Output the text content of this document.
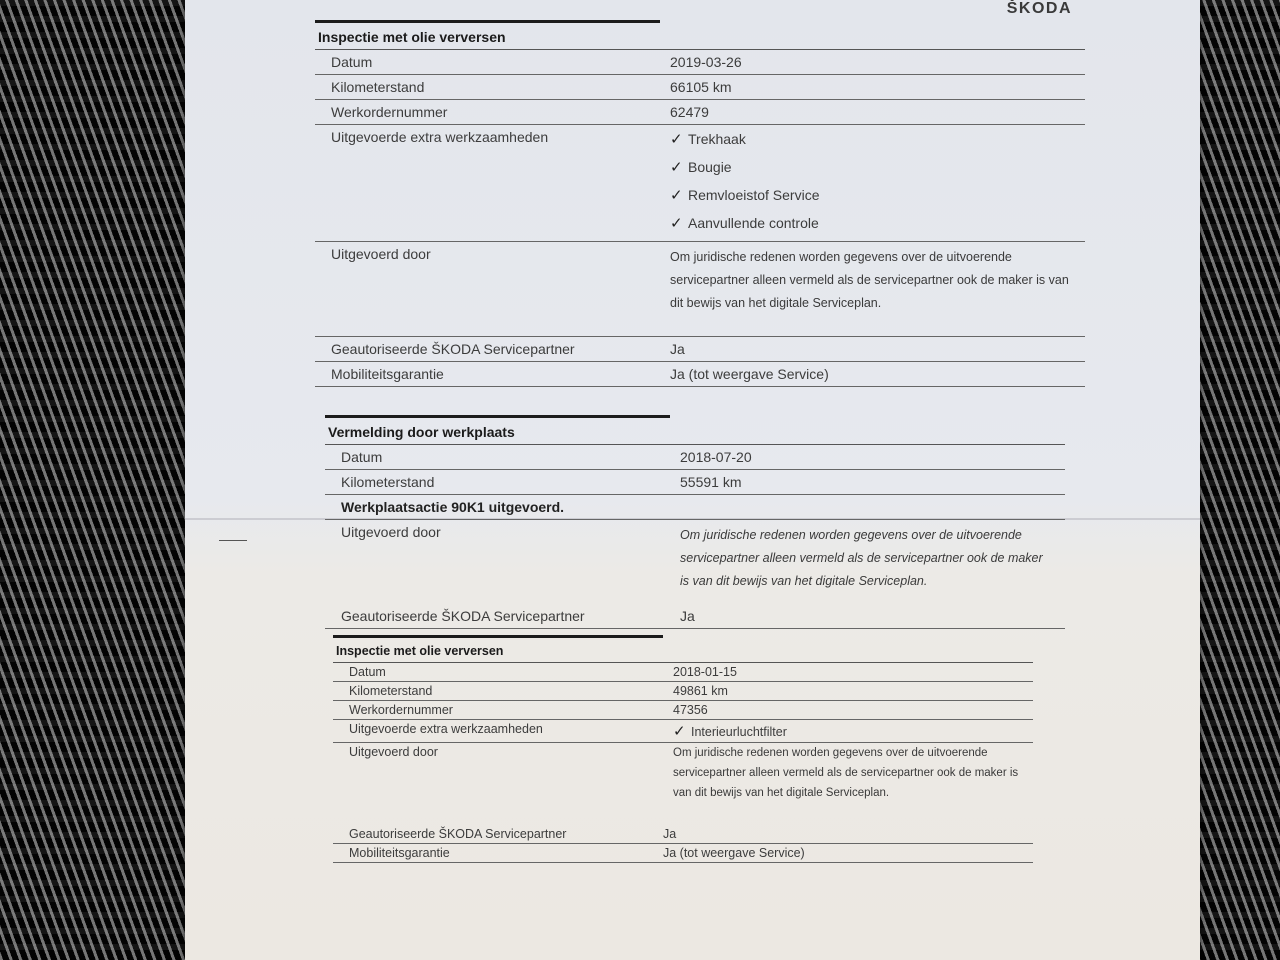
ŠKODA
Inspectie met olie verversen
Datum	2019-03-26
Kilometerstand	66105 km
Werkordernummer	62479
Uitgevoerde extra werkzaamheden	✓ Trekhaak
✓ Bougie
✓ Remvloeistof Service
✓ Aanvullende controle
Uitgevoerd door	Om juridische redenen worden gegevens over de uitvoerende servicepartner alleen vermeld als de servicepartner ook de maker is van dit bewijs van het digitale Serviceplan.
Geautoriseerde ŠKODA Servicepartner	Ja
Mobiliteitsgarantie	Ja (tot weergave Service)
Vermelding door werkplaats
Datum	2018-07-20
Kilometerstand	55591 km
Werkplaatsactie 90K1 uitgevoerd.
Uitgevoerd door	Om juridische redenen worden gegevens over de uitvoerende servicepartner alleen vermeld als de servicepartner ook de maker is van dit bewijs van het digitale Serviceplan.
Geautoriseerde ŠKODA Servicepartner	Ja
Inspectie met olie verversen
Datum	2018-01-15
Kilometerstand	49861 km
Werkordernummer	47356
Uitgevoerde extra werkzaamheden	✓ Interieurluchtfilter
Uitgevoerd door	Om juridische redenen worden gegevens over de uitvoerende servicepartner alleen vermeld als de servicepartner ook de maker is van dit bewijs van het digitale Serviceplan.
Geautoriseerde ŠKODA Servicepartner	Ja
Mobiliteitsgarantie	Ja (tot weergave Service)
